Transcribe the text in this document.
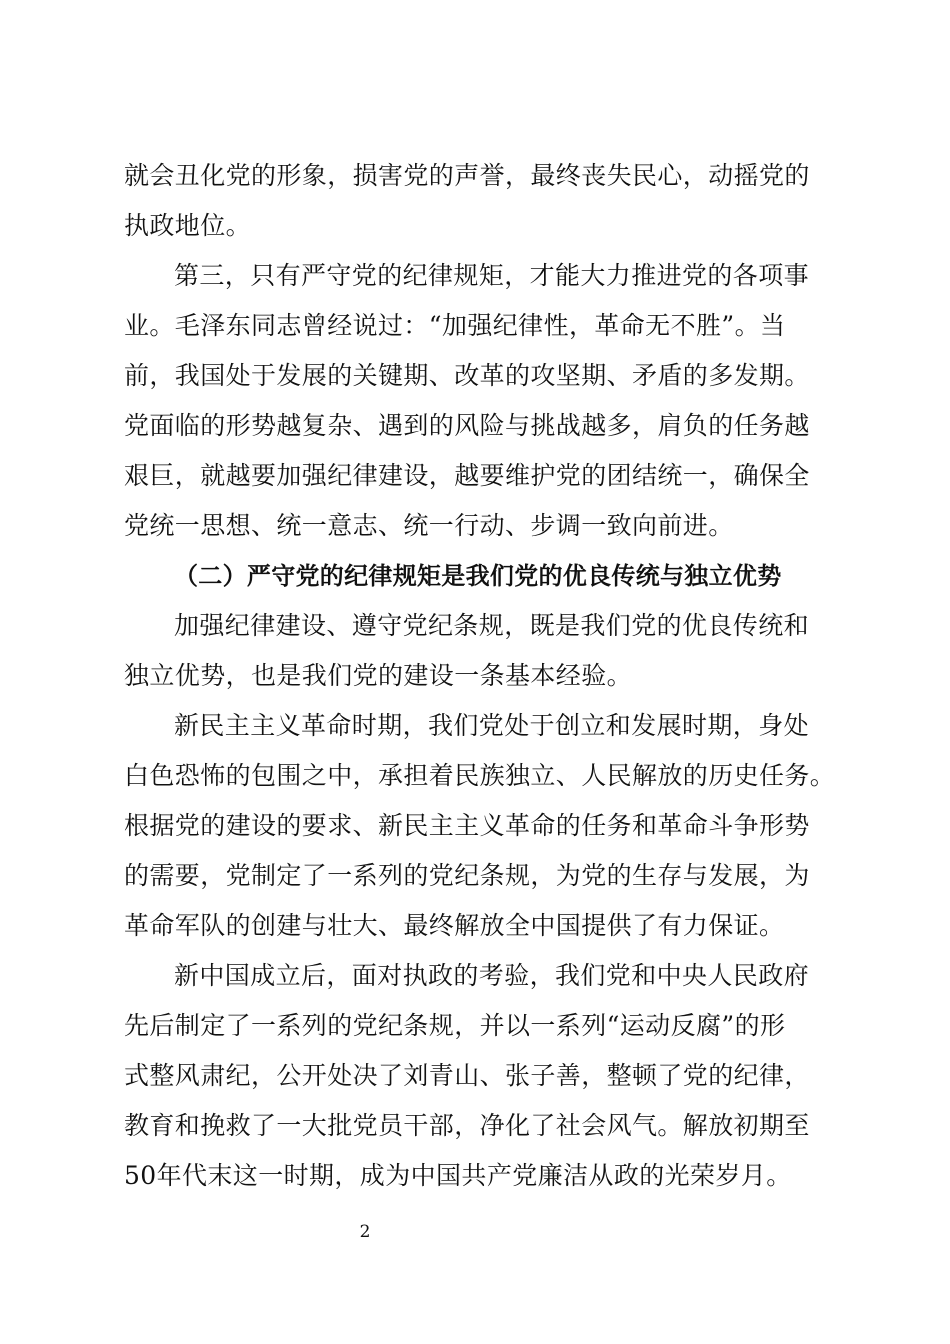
就会丑化党的形象，损害党的声誉，最终丧失民心，动摇党的
执政地位。
第三，只有严守党的纪律规矩，才能大力推进党的各项事
业。毛泽东同志曾经说过：“加强纪律性，革命无不胜”。当
前，我国处于发展的关键期、改革的攻坚期、矛盾的多发期。
党面临的形势越复杂、遇到的风险与挑战越多，肩负的任务越
艰巨，就越要加强纪律建设，越要维护党的团结统一，确保全
党统一思想、统一意志、统一行动、步调一致向前进。
（二）严守党的纪律规矩是我们党的优良传统与独立优势
加强纪律建设、遵守党纪条规，既是我们党的优良传统和
独立优势，也是我们党的建设一条基本经验。
新民主主义革命时期，我们党处于创立和发展时期，身处
白色恐怖的包围之中，承担着民族独立、人民解放的历史任务。
根据党的建设的要求、新民主主义革命的任务和革命斗争形势
的需要，党制定了一系列的党纪条规，为党的生存与发展，为
革命军队的创建与壮大、最终解放全中国提供了有力保证。
新中国成立后，面对执政的考验，我们党和中央人民政府
先后制定了一系列的党纪条规，并以一系列“运动反腐”的形
式整风肃纪，公开处决了刘青山、张子善，整顿了党的纪律，
教育和挽救了一大批党员干部，净化了社会风气。解放初期至
50年代末这一时期，成为中国共产党廉洁从政的光荣岁月。
2
